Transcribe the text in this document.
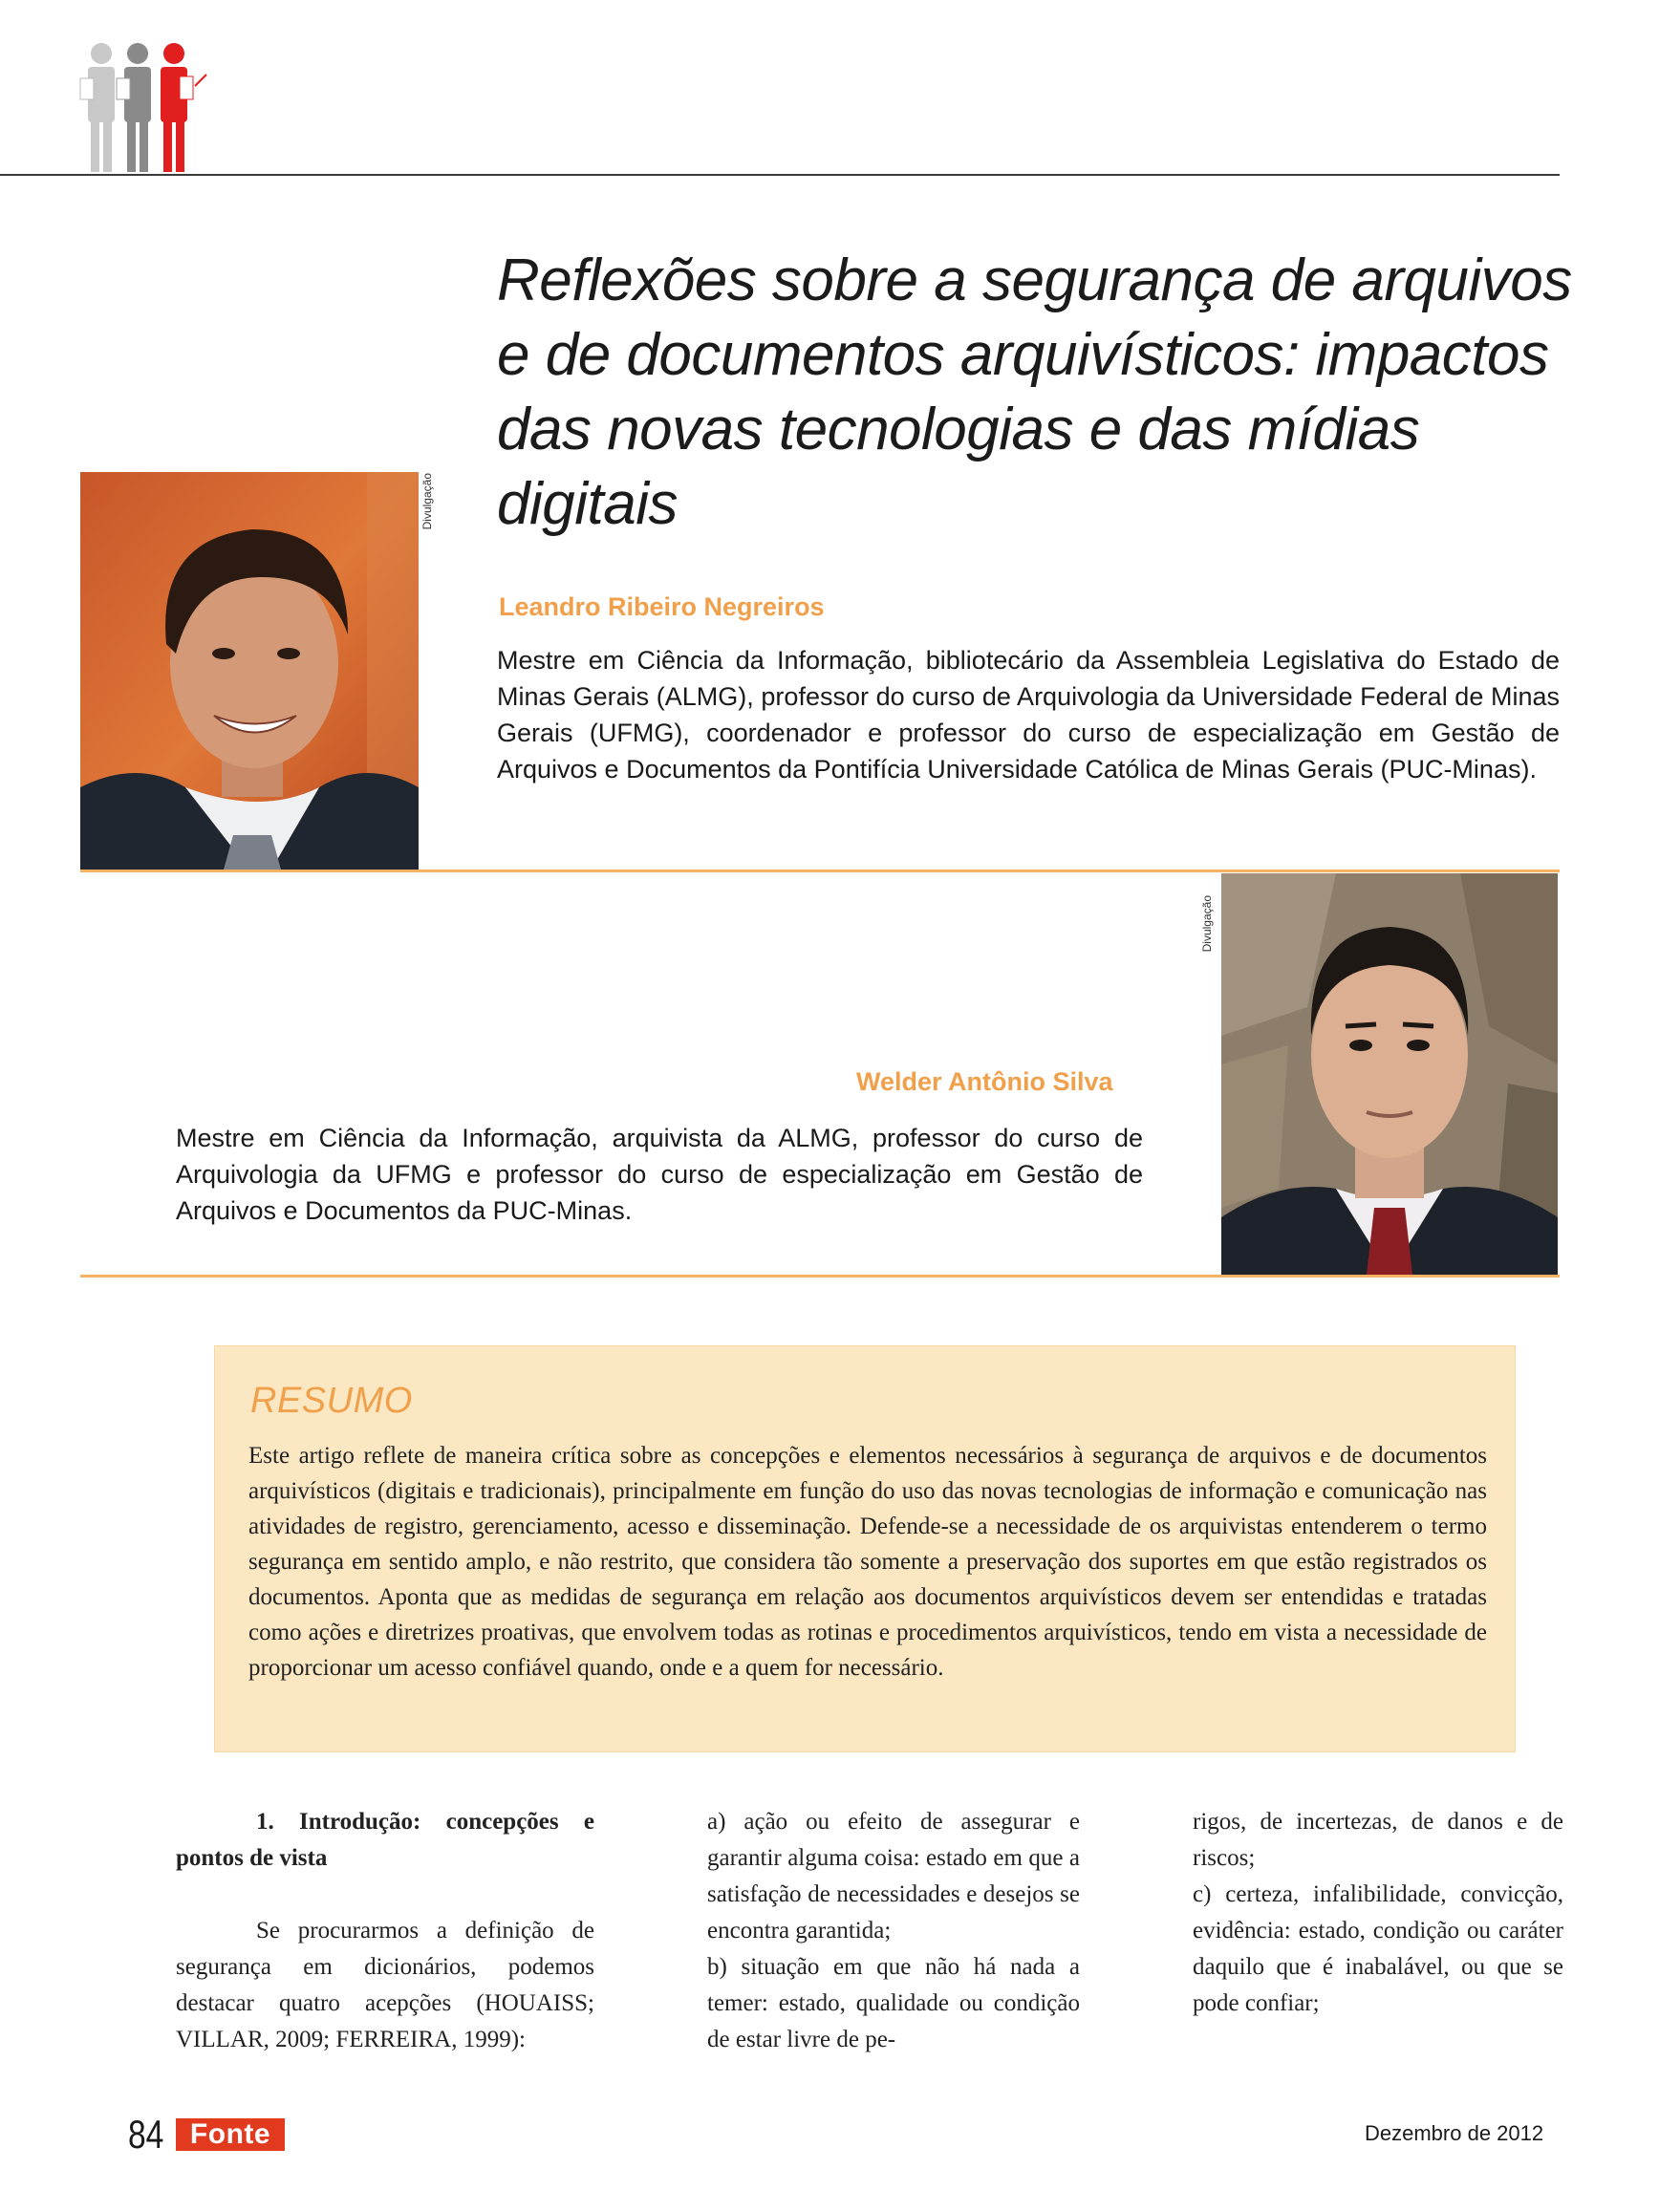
Reflexões sobre a segurança de arquivos e de documentos arquivísticos: impactos das novas tecnologias e das mídias digitais
Divulgação
Leandro Ribeiro Negreiros
Mestre em Ciência da Informação, bibliotecário da Assembleia Legislativa do Estado de Minas Gerais (ALMG), professor do curso de Arquivologia da Universidade Federal de Minas Gerais (UFMG), coordenador e professor do curso de especialização em Gestão de Arquivos e Documentos da Pontifícia Universidade Católica de Minas Gerais (PUC-Minas).
Divulgação
Welder Antônio Silva
Mestre em Ciência da Informação, arquivista da ALMG, professor do curso de Arquivologia da UFMG e professor do curso de especialização em Gestão de Arquivos e Documentos da PUC-Minas.
RESUMO
Este artigo reflete de maneira crítica sobre as concepções e elementos necessários à segurança de arquivos e de documentos arquivísticos (digitais e tradicionais), principalmente em função do uso das novas tecnologias de informação e comunicação nas atividades de registro, gerenciamento, acesso e disseminação. Defende-se a necessidade de os arquivistas entenderem o termo segurança em sentido amplo, e não restrito, que considera tão somente a preservação dos suportes em que estão registrados os documentos. Aponta que as medidas de segurança em relação aos documentos arquivísticos devem ser entendidas e tratadas como ações e diretrizes proativas, que envolvem todas as rotinas e procedimentos arquivísticos, tendo em vista a necessidade de proporcionar um acesso confiável quando, onde e a quem for necessário.

1. Introdução: concepções e pontos de vista

Se procurarmos a definição de segurança em dicionários, podemos destacar quatro acepções (HOUAISS; VILLAR, 2009; FERREIRA, 1999):

a) ação ou efeito de assegurar e garantir alguma coisa: estado em que a satisfação de necessidades e desejos se encontra garantida;

b) situação em que não há nada a temer: estado, qualidade ou condição de estar livre de pe-

rigos, de incertezas, de danos e de riscos;

c) certeza, infalibilidade, convicção, evidência: estado, condição ou caráter daquilo que é inabalável, ou que se pode confiar;

84 Fonte	Dezembro de 2012
